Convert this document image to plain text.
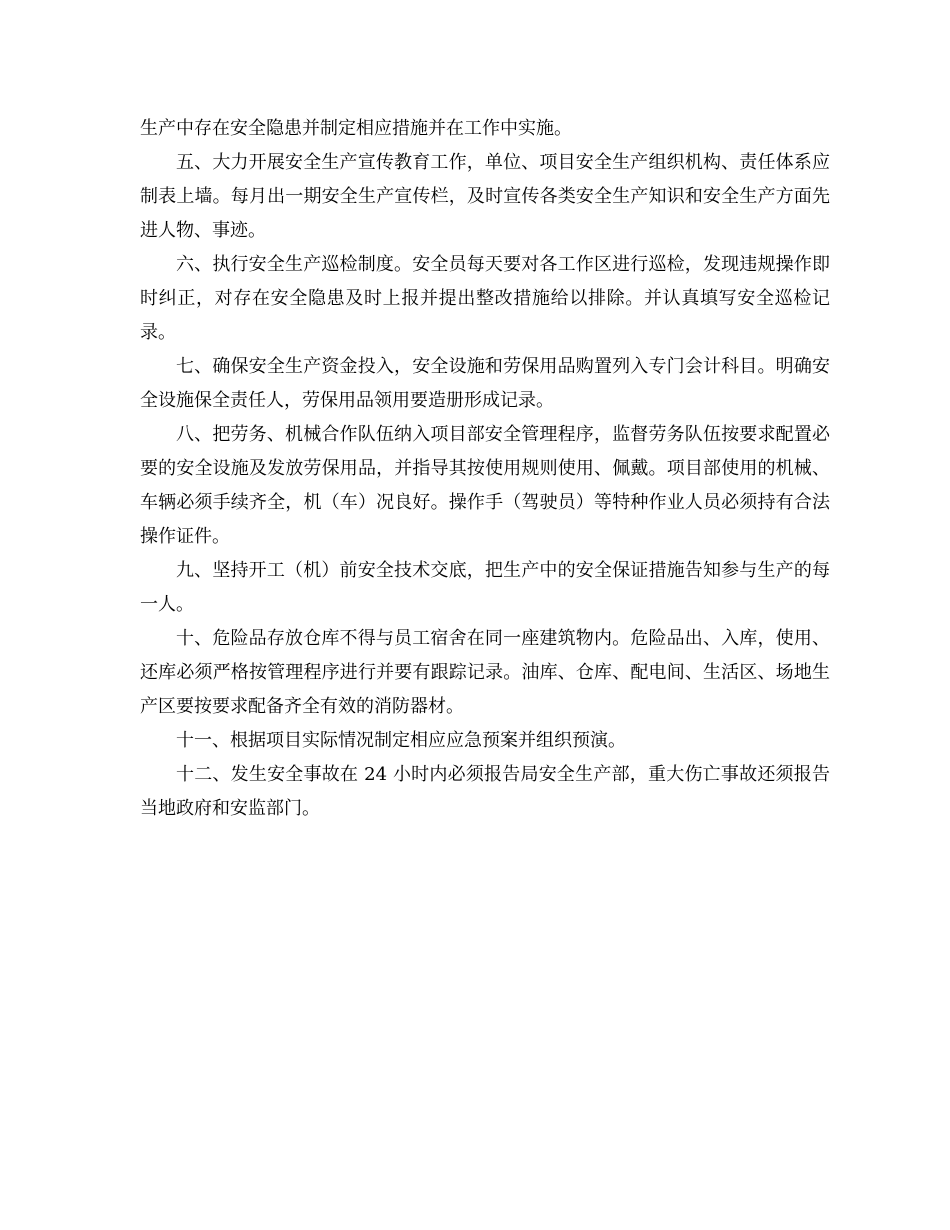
生产中存在安全隐患并制定相应措施并在工作中实施。

五、大力开展安全生产宣传教育工作，单位、项目安全生产组织机构、责任体系应制表上墙。每月出一期安全生产宣传栏，及时宣传各类安全生产知识和安全生产方面先进人物、事迹。

六、执行安全生产巡检制度。安全员每天要对各工作区进行巡检，发现违规操作即时纠正，对存在安全隐患及时上报并提出整改措施给以排除。并认真填写安全巡检记录。

七、确保安全生产资金投入，安全设施和劳保用品购置列入专门会计科目。明确安全设施保全责任人，劳保用品领用要造册形成记录。

八、把劳务、机械合作队伍纳入项目部安全管理程序，监督劳务队伍按要求配置必要的安全设施及发放劳保用品，并指导其按使用规则使用、佩戴。项目部使用的机械、车辆必须手续齐全，机（车）况良好。操作手（驾驶员）等特种作业人员必须持有合法操作证件。

九、坚持开工（机）前安全技术交底，把生产中的安全保证措施告知参与生产的每一人。

十、危险品存放仓库不得与员工宿舍在同一座建筑物内。危险品出、入库，使用、还库必须严格按管理程序进行并要有跟踪记录。油库、仓库、配电间、生活区、场地生产区要按要求配备齐全有效的消防器材。

十一、根据项目实际情况制定相应应急预案并组织预演。

十二、发生安全事故在 24 小时内必须报告局安全生产部，重大伤亡事故还须报告当地政府和安监部门。
